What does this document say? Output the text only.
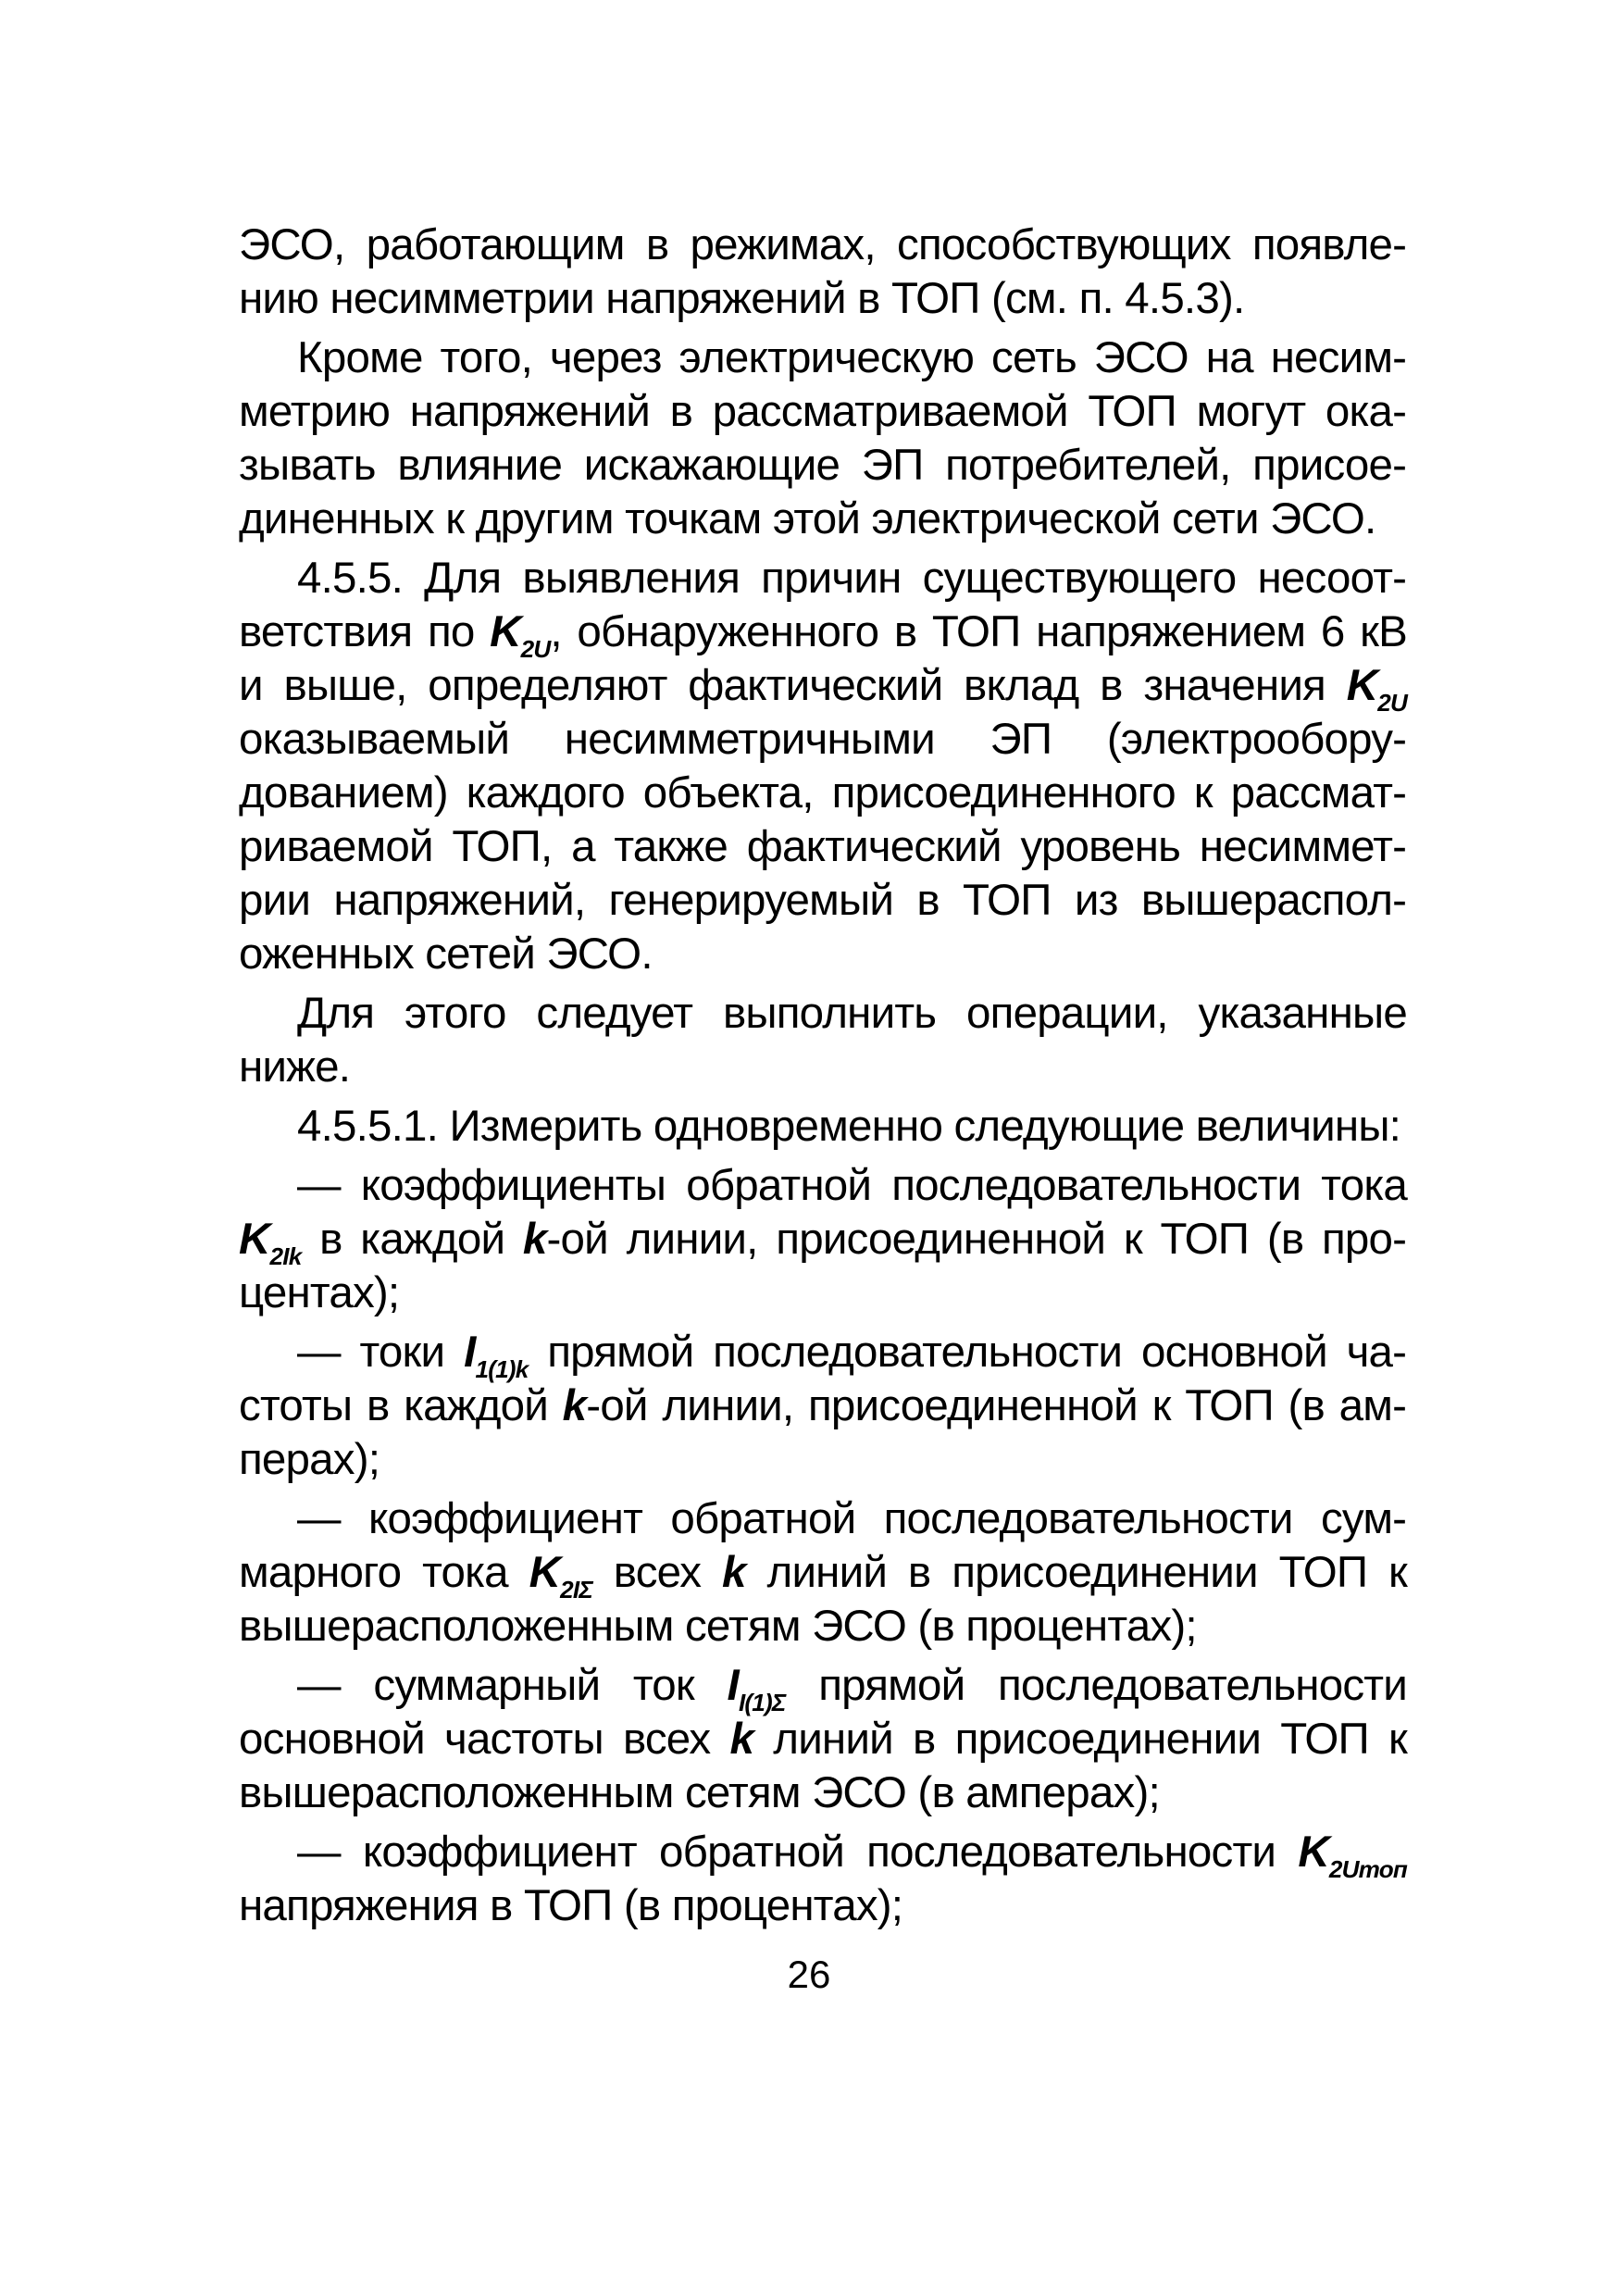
ЭСО, работающим в режимах, способствующих появлению несимметрии напряжений в ТОП (см. п. 4.5.3).

Кроме того, через электрическую сеть ЭСО на несимметрию напряжений в рассматриваемой ТОП могут оказывать влияние искажающие ЭП потребителей, присоединенных к другим точкам этой электрической сети ЭСО.

4.5.5. Для выявления причин существующего несоответствия по $K_{2U}$, обнаруженного в ТОП напряжением 6 кВ и выше, определяют фактический вклад в значения $K_{2U}$ оказываемый несимметричными ЭП (электрооборудованием) каждого объекта, присоединенного к рассматриваемой ТОП, а также фактический уровень несимметрии напряжений, генерируемый в ТОП из вышерасположенных сетей ЭСО.

Для этого следует выполнить операции, указанные ниже.

4.5.5.1. Измерить одновременно следующие величины:

— коэффициенты обратной последовательности тока $K_{2Ik}$ в каждой k-ой линии, присоединенной к ТОП (в процентах);

— токи $I_{1(1)k}$ прямой последовательности основной частоты в каждой k-ой линии, присоединенной к ТОП (в амперах);

— коэффициент обратной последовательности суммарного тока $K_{2I\Sigma}$ всех k линий в присоединении ТОП к вышерасположенным сетям ЭСО (в процентах);

— суммарный ток $I_{I(1)\Sigma}$ прямой последовательности основной частоты всех k линий в присоединении ТОП к вышерасположенным сетям ЭСО (в амперах);

— коэффициент обратной последовательности $K_{2Uтоп}$ напряжения в ТОП (в процентах);

26
